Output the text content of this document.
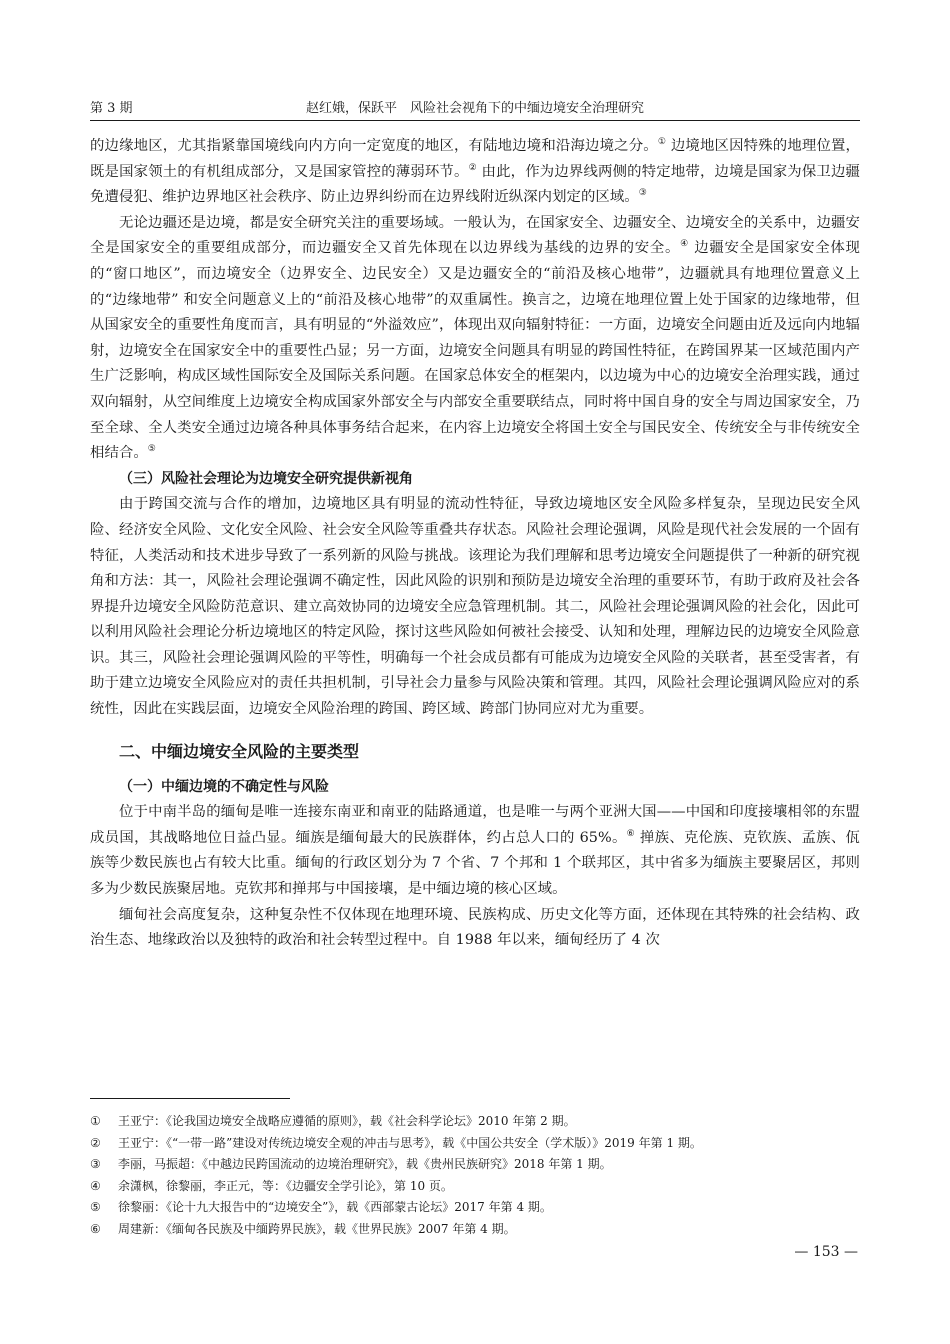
第 3 期	赵红娥，保跃平　风险社会视角下的中缅边境安全治理研究

的边缘地区，尤其指紧靠国境线向内方向一定宽度的地区，有陆地边境和沿海边境之分。① 边境地区因特殊的地理位置，既是国家领土的有机组成部分，又是国家管控的薄弱环节。② 由此，作为边界线两侧的特定地带，边境是国家为保卫边疆免遭侵犯、维护边界地区社会秩序、防止边界纠纷而在边界线附近纵深内划定的区域。③

无论边疆还是边境，都是安全研究关注的重要场域。一般认为，在国家安全、边疆安全、边境安全的关系中，边疆安全是国家安全的重要组成部分，而边疆安全又首先体现在以边界线为基线的边界的安全。④ 边疆安全是国家安全体现的“窗口地区”，而边境安全（边界安全、边民安全）又是边疆安全的“前沿及核心地带”，边疆就具有地理位置意义上的“边缘地带” 和安全问题意义上的“前沿及核心地带”的双重属性。换言之，边境在地理位置上处于国家的边缘地带，但从国家安全的重要性角度而言，具有明显的“外溢效应”，体现出双向辐射特征：一方面，边境安全问题由近及远向内地辐射，边境安全在国家安全中的重要性凸显；另一方面，边境安全问题具有明显的跨国性特征，在跨国界某一区域范围内产生广泛影响，构成区域性国际安全及国际关系问题。在国家总体安全的框架内，以边境为中心的边境安全治理实践，通过双向辐射，从空间维度上边境安全构成国家外部安全与内部安全重要联结点，同时将中国自身的安全与周边国家安全，乃至全球、全人类安全通过边境各种具体事务结合起来，在内容上边境安全将国土安全与国民安全、传统安全与非传统安全相结合。⑤

（三）风险社会理论为边境安全研究提供新视角

由于跨国交流与合作的增加，边境地区具有明显的流动性特征，导致边境地区安全风险多样复杂，呈现边民安全风险、经济安全风险、文化安全风险、社会安全风险等重叠共存状态。风险社会理论强调，风险是现代社会发展的一个固有特征，人类活动和技术进步导致了一系列新的风险与挑战。该理论为我们理解和思考边境安全问题提供了一种新的研究视角和方法：其一，风险社会理论强调不确定性，因此风险的识别和预防是边境安全治理的重要环节，有助于政府及社会各界提升边境安全风险防范意识、建立高效协同的边境安全应急管理机制。其二，风险社会理论强调风险的社会化，因此可以利用风险社会理论分析边境地区的特定风险，探讨这些风险如何被社会接受、认知和处理，理解边民的边境安全风险意识。其三，风险社会理论强调风险的平等性，明确每一个社会成员都有可能成为边境安全风险的关联者，甚至受害者，有助于建立边境安全风险应对的责任共担机制，引导社会力量参与风险决策和管理。其四，风险社会理论强调风险应对的系统性，因此在实践层面，边境安全风险治理的跨国、跨区域、跨部门协同应对尤为重要。

二、中缅边境安全风险的主要类型
（一）中缅边境的不确定性与风险

位于中南半岛的缅甸是唯一连接东南亚和南亚的陆路通道，也是唯一与两个亚洲大国——中国和印度接壤相邻的东盟成员国，其战略地位日益凸显。缅族是缅甸最大的民族群体，约占总人口的 65%。⑥ 掸族、克伦族、克钦族、孟族、佤族等少数民族也占有较大比重。缅甸的行政区划分为 7 个省、7 个邦和 1 个联邦区，其中省多为缅族主要聚居区，邦则多为少数民族聚居地。克钦邦和掸邦与中国接壤，是中缅边境的核心区域。

缅甸社会高度复杂，这种复杂性不仅体现在地理环境、民族构成、历史文化等方面，还体现在其特殊的社会结构、政治生态、地缘政治以及独特的政治和社会转型过程中。自 1988 年以来，缅甸经历了 4 次

①	王亚宁：《论我国边境安全战略应遵循的原则》，载《社会科学论坛》2010 年第 2 期。
②	王亚宁：《“一带一路”建设对传统边境安全观的冲击与思考》，载《中国公共安全（学术版）》2019 年第 1 期。
③	李丽，马振超：《中越边民跨国流动的边境治理研究》，载《贵州民族研究》2018 年第 1 期。
④	余潇枫，徐黎丽，李正元，等：《边疆安全学引论》，第 10 页。
⑤	徐黎丽：《论十九大报告中的“边境安全”》，载《西部蒙古论坛》2017 年第 4 期。
⑥	周建新：《缅甸各民族及中缅跨界民族》，载《世界民族》2007 年第 4 期。
— 153 —
